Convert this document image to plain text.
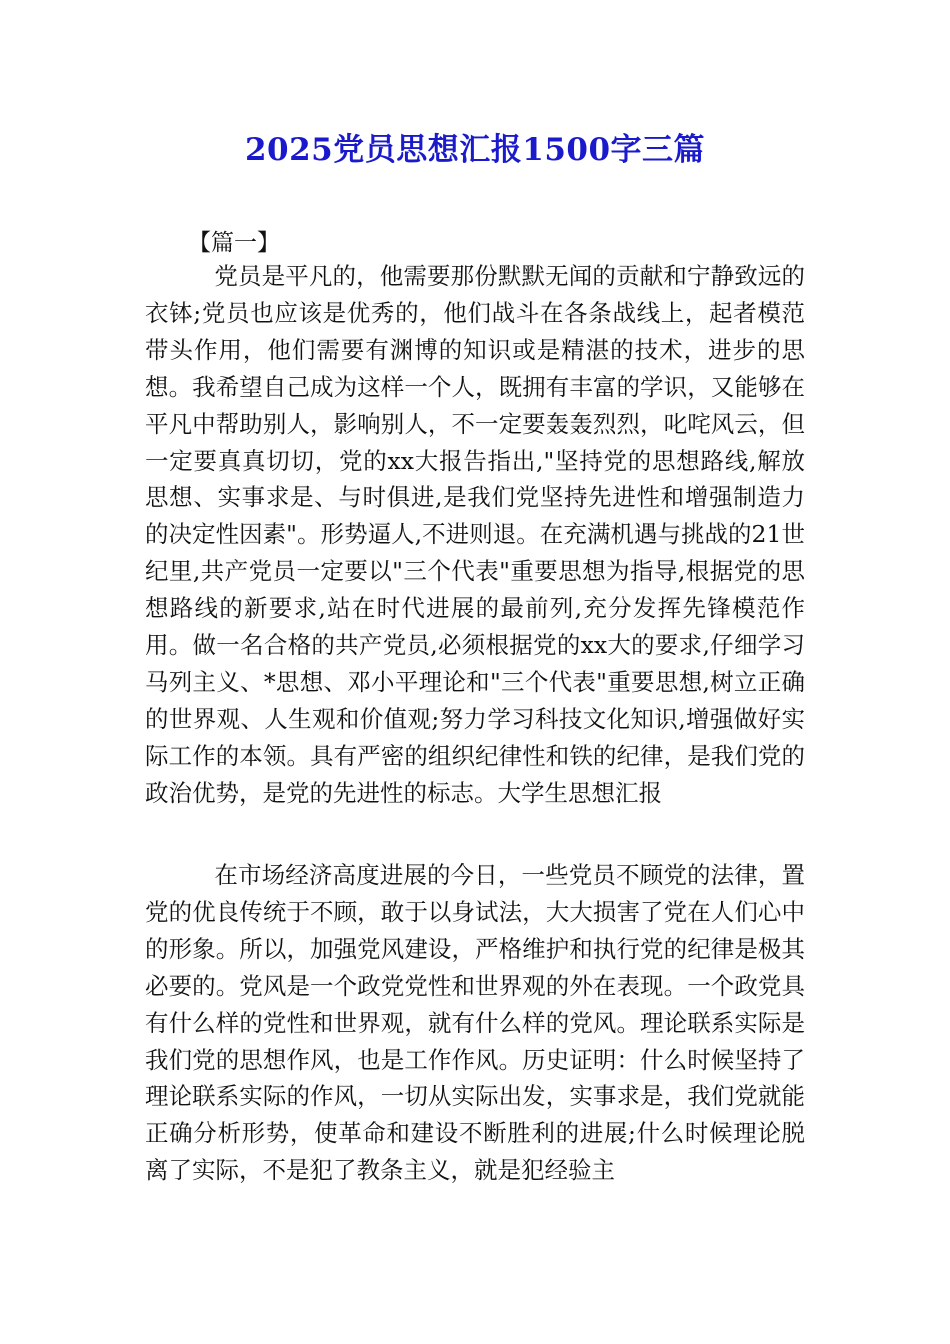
2025党员思想汇报1500字三篇
【篇一】

党员是平凡的，他需要那份默默无闻的贡献和宁静致远的衣钵;党员也应该是优秀的，他们战斗在各条战线上，起者模范带头作用，他们需要有渊博的知识或是精湛的技术，进步的思想。我希望自己成为这样一个人，既拥有丰富的学识，又能够在平凡中帮助别人，影响别人，不一定要轰轰烈烈，叱咤风云，但一定要真真切切，党的xx大报告指出,"坚持党的思想路线,解放思想、实事求是、与时俱进,是我们党坚持先进性和增强制造力的决定性因素"。形势逼人,不进则退。在充满机遇与挑战的21世纪里,共产党员一定要以"三个代表"重要思想为指导,根据党的思想路线的新要求,站在时代进展的最前列,充分发挥先锋模范作用。做一名合格的共产党员,必须根据党的xx大的要求,仔细学习马列主义、*思想、邓小平理论和"三个代表"重要思想,树立正确的世界观、人生观和价值观;努力学习科技文化知识,增强做好实际工作的本领。具有严密的组织纪律性和铁的纪律，是我们党的政治优势，是党的先进性的标志。大学生思想汇报

在市场经济高度进展的今日，一些党员不顾党的法律，置党的优良传统于不顾，敢于以身试法，大大损害了党在人们心中的形象。所以，加强党风建设，严格维护和执行党的纪律是极其必要的。党风是一个政党党性和世界观的外在表现。一个政党具有什么样的党性和世界观，就有什么样的党风。理论联系实际是我们党的思想作风，也是工作作风。历史证明：什么时候坚持了理论联系实际的作风，一切从实际出发，实事求是，我们党就能正确分析形势，使革命和建设不断胜利的进展;什么时候理论脱离了实际，不是犯了教条主义，就是犯经验主
